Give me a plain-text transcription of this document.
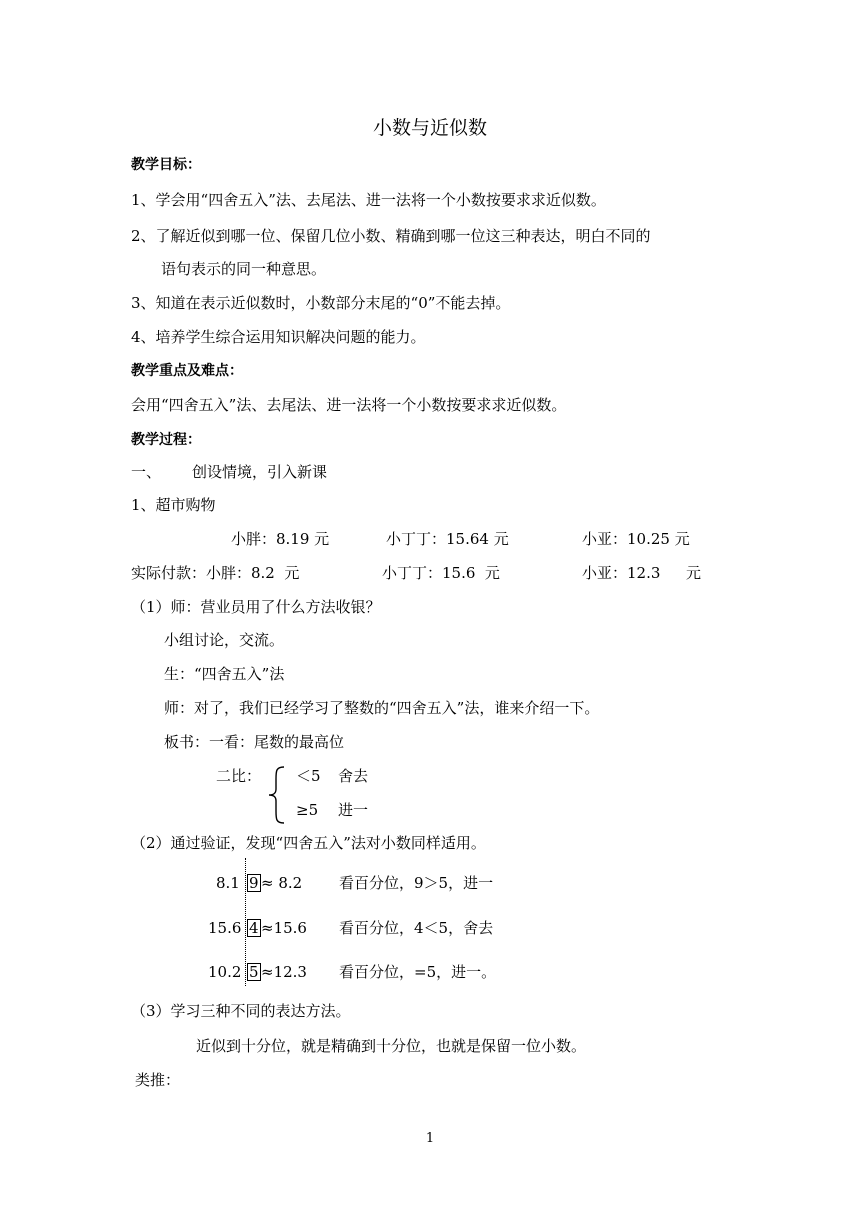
小数与近似数
教学目标：
1、学会用“四舍五入”法、去尾法、进一法将一个小数按要求求近似数。
2、了解近似到哪一位、保留几位小数、精确到哪一位这三种表达，明白不同的
语句表示的同一种意思。
3、知道在表示近似数时，小数部分末尾的“0”不能去掉。
4、培养学生综合运用知识解决问题的能力。
教学重点及难点：
会用“四舍五入”法、去尾法、进一法将一个小数按要求求近似数。
教学过程：
一、 创设情境，引入新课
1、超市购物
小胖：8.19 元	小丁丁：15.64 元	小亚：10.25 元
实际付款：小胖：8.2  元	小丁丁：15.6  元	小亚：12.3 元
（1）师：营业员用了什么方法收银？
小组讨论，交流。
生：“四舍五入”法
师：对了，我们已经学习了整数的“四舍五入”法，谁来介绍一下。
板书：一看：尾数的最高位
二比： ＜5 舍去
≥5 进一
（2）通过验证，发现“四舍五入”法对小数同样适用。
8.1 9 ≈ 8.2 看百分位，9＞5，进一
15.6 4 ≈15.6 看百分位，4＜5，舍去
10.2 5 ≈12.3 看百分位，=5，进一。
（3）学习三种不同的表达方法。
近似到十分位，就是精确到十分位，也就是保留一位小数。
类推：
1
